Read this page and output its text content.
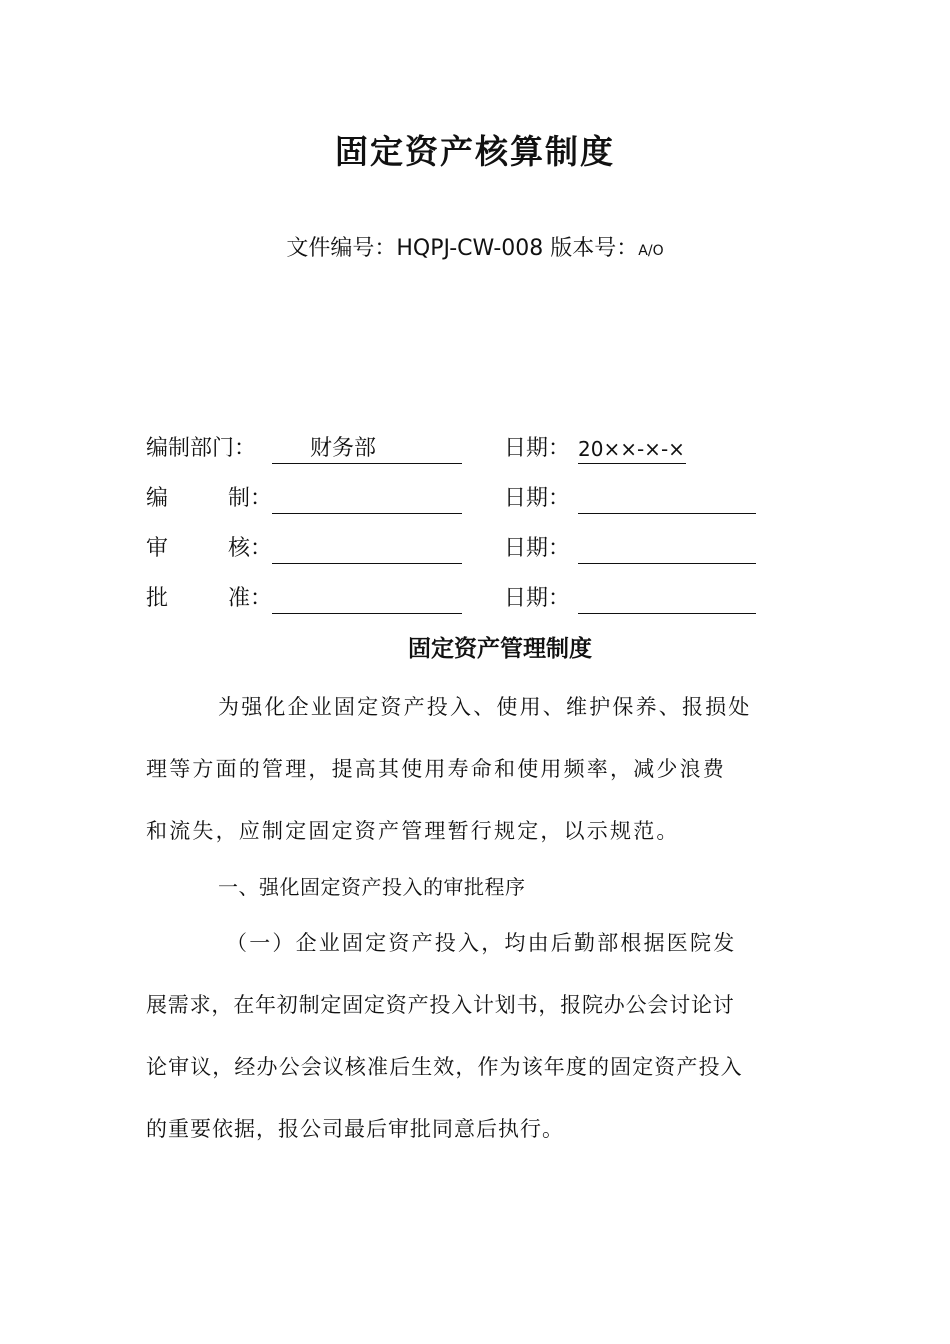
固定资产核算制度
文件编号：HQPJ-CW-008 版本号：A/O
编制部门：	财务部	日期： 20××-×-×
编	制：	日期：
审	核：	日期：
批	准：	日期：
固定资产管理制度
为强化企业固定资产投入、使用、维护保养、报损处
理等方面的管理，提高其使用寿命和使用频率，减少浪费
和流失，应制定固定资产管理暂行规定，以示规范。
一、强化固定资产投入的审批程序
（一）企业固定资产投入，均由后勤部根据医院发
展需求，在年初制定固定资产投入计划书，报院办公会讨论讨
论审议，经办公会议核准后生效，作为该年度的固定资产投入
的重要依据，报公司最后审批同意后执行。
